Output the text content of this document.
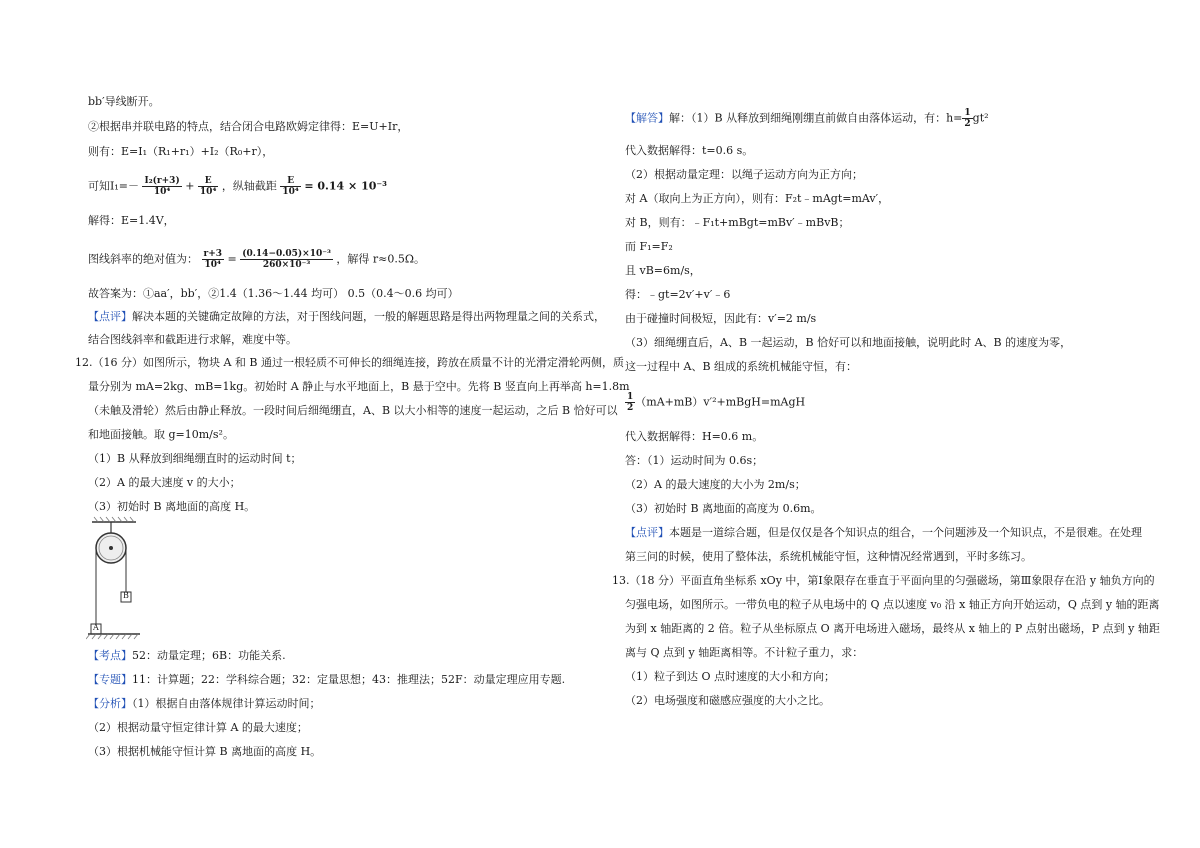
bb′导线断开。
②根据串并联电路的特点，结合闭合电路欧姆定律得：E=U+Ir，
则有：E=I₁（R₁+r₁）+I₂（R₀+r），
可知$I_1=- \frac{\text{I₂(r+3)}}{\text{10⁴}} + \frac{E}{\text{10⁴}}$ ，纵轴截距 $\frac{E}{\text{10⁴}} = 0.14 \times 10^{-3}$
解得：E=1.4V，
图线斜率的绝对值为： $\frac{r+3}{\text{10⁴}} = \frac{\text{(0.14−0.05)×10⁻³}}{\text{260×10⁻³}}$ ，解得 r≈0.5Ω。
故答案为：①aa′，bb′，②1.4（1.36～1.44 均可） 0.5（0.4～0.6 均可）
【点评】解决本题的关键确定故障的方法，对于图线问题，一般的解题思路是得出两物理量之间的关系式，
结合图线斜率和截距进行求解，难度中等。
12.（16 分）如图所示，物块 A 和 B 通过一根轻质不可伸长的细绳连接，跨放在质量不计的光滑定滑轮两侧，质
量分别为 mA=2kg、mB=1kg。初始时 A 静止与水平地面上，B 悬于空中。先将 B 竖直向上再举高 h=1.8m
（未触及滑轮）然后由静止释放。一段时间后细绳绷直，A、B 以大小相等的速度一起运动，之后 B 恰好可以
和地面接触。取 g=10m/s²。
（1）B 从释放到细绳绷直时的运动时间 t；
（2）A 的最大速度 v 的大小；
（3）初始时 B 离地面的高度 H。
B
A
【考点】52：动量定理；6B：功能关系.
【专题】11：计算题；22：学科综合题；32：定量思想；43：推理法；52F：动量定理应用专题.
【分析】（1）根据自由落体规律计算运动时间；
（2）根据动量守恒定律计算 A 的最大速度；
（3）根据机械能守恒计算 B 离地面的高度 H。
【解答】解：（1）B 从释放到细绳刚绷直前做自由落体运动，有：$h= \frac{1}{2} gt^2$
代入数据解得：t=0.6 s。
（2）根据动量定理：以绳子运动方向为正方向；
对 A（取向上为正方向），则有：F₂t﹣mAgt=mAv′，
对 B，则有：﹣F₁t+mBgt=mBv′﹣mBvB；
而 F₁=F₂
且 vB=6m/s，
得：﹣gt=2v′+v′﹣6
由于碰撞时间极短，因此有：v′=2 m/s
（3）细绳绷直后，A、B 一起运动，B 恰好可以和地面接触，说明此时 A、B 的速度为零，
这一过程中 A、B 组成的系统机械能守恒，有：
$\frac{1}{2}$ （mA+mB）v′²+mBgH=mAgH
代入数据解得：H=0.6 m。
答：（1）运动时间为 0.6s；
（2）A 的最大速度的大小为 2m/s；
（3）初始时 B 离地面的高度为 0.6m。
【点评】本题是一道综合题，但是仅仅是各个知识点的组合，一个问题涉及一个知识点，不是很难。在处理
第三问的时候，使用了整体法，系统机械能守恒，这种情况经常遇到，平时多练习。
13.（18 分）平面直角坐标系 xOy 中，第Ⅰ象限存在垂直于平面向里的匀强磁场，第Ⅲ象限存在沿 y 轴负方向的
匀强电场，如图所示。一带负电的粒子从电场中的 Q 点以速度 v₀ 沿 x 轴正方向开始运动，Q 点到 y 轴的距离
为到 x 轴距离的 2 倍。粒子从坐标原点 O 离开电场进入磁场，最终从 x 轴上的 P 点射出磁场，P 点到 y 轴距
离与 Q 点到 y 轴距离相等。不计粒子重力，求：
（1）粒子到达 O 点时速度的大小和方向；
（2）电场强度和磁感应强度的大小之比。
